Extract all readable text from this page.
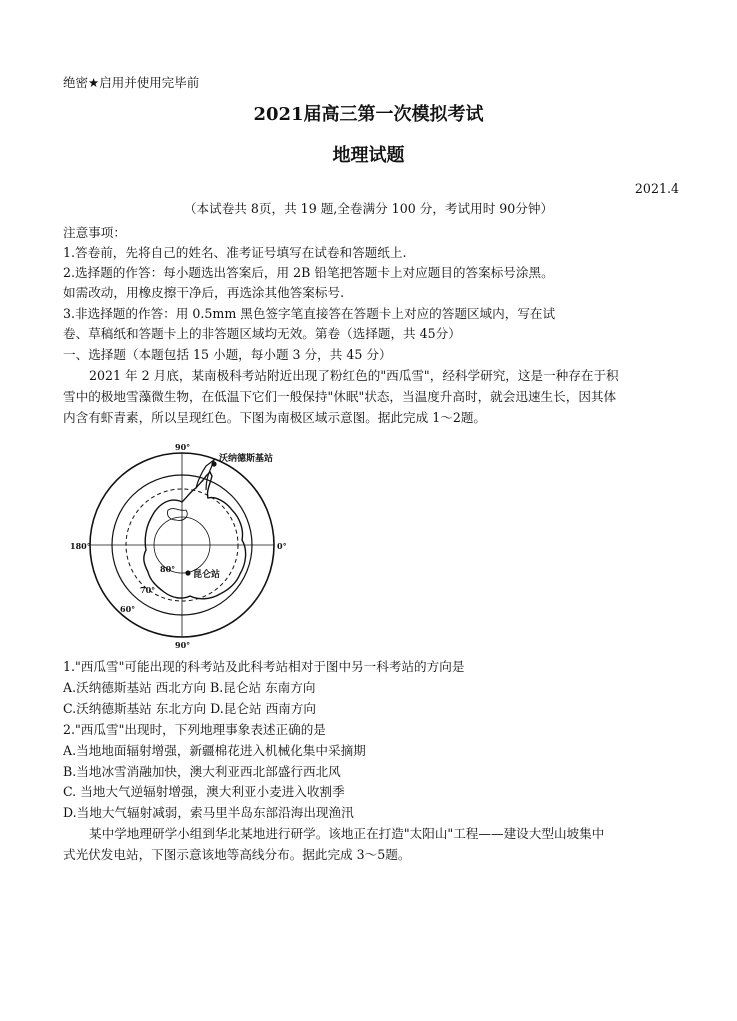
绝密★启用并使用完毕前
2021届高三第一次模拟考试
地理试题
2021.4
（本试卷共 8页，共 19 题,全卷满分 100 分，考试用时 90分钟）
注意事项：
1.答卷前，先将自己的姓名、准考证号填写在试卷和答题纸上.
2.选择题的作答：每小题选出答案后，用 2B 铅笔把答题卡上对应题目的答案标号涂黑。
如需改动，用橡皮擦干净后，再选涂其他答案标号.
3.非选择题的作答：用 0.5mm 黑色签字笔直接答在答题卡上对应的答题区域内，写在试
卷、草稿纸和答题卡上的非答题区域均无效。第卷（选择题，共 45分）
一、选择题（本题包括 15 小题，每小题 3 分，共 45 分）
2021 年 2 月底，某南极科考站附近出现了粉红色的"西瓜雪"，经科学研究，这是一种存在于积
雪中的极地雪藻微生物，在低温下它们一般保持"休眠"状态，当温度升高时，就会迅速生长，因其体
内含有虾青素，所以呈现红色。下图为南极区域示意图。据此完成 1～2题。
90°
90°
180°	0°
80°
70°
60°
沃纳德斯基站
昆仑站
1."西瓜雪"可能出现的科考站及此科考站相对于图中另一科考站的方向是
A.沃纳德斯基站 西北方向 B.昆仑站 东南方向
C.沃纳德斯基站 东北方向 D.昆仑站 西南方向
2."西瓜雪"出现时，下列地理事象表述正确的是
A.当地地面辐射增强，新疆棉花进入机械化集中采摘期
B.当地冰雪消融加快，澳大利亚西北部盛行西北风
C. 当地大气逆辐射增强，澳大利亚小麦进入收割季
D.当地大气辐射减弱，索马里半岛东部沿海出现渔汛
某中学地理研学小组到华北某地进行研学。该地正在打造"太阳山"工程——建设大型山坡集中
式光伏发电站，下图示意该地等高线分布。据此完成 3～5题。
